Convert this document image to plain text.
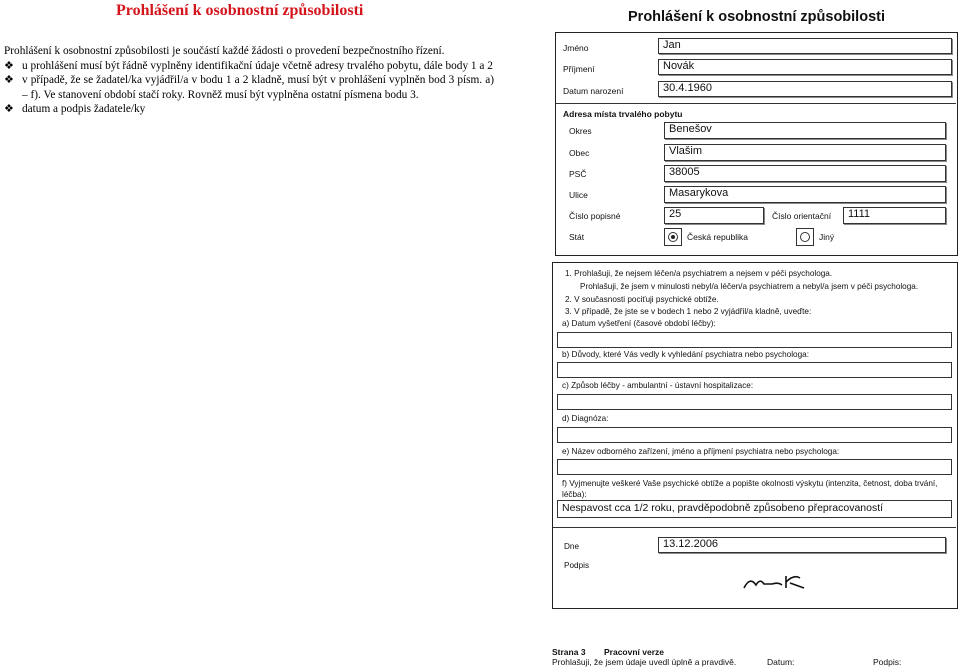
Prohlášení k osobnostní způsobilosti
Prohlášení k osobnostní způsobilosti je součástí každé žádosti o provedení bezpečnostního řízení.
❖ u prohlášení musí být řádně vyplněny identifikační údaje včetně adresy trvalého pobytu, dále body 1 a 2
❖ v případě, že se žadatel/ka vyjádřil/a v bodu 1 a 2 kladně, musí být v prohlášení vyplněn bod 3 písm. a) – f). Ve stanovení období stačí roky. Rovněž musí být vyplněna ostatní písmena bodu 3.
❖ datum a podpis žadatele/ky
Prohlášení k osobnostní způsobilosti
Jméno	Jan
Příjmení	Novák
Datum narození	30.4.1960
Adresa místa trvalého pobytu
Okres	Benešov
Obec	Vlašim
PSČ	38005
Ulice	Masarykova
Číslo popisné	25	Číslo orientační	1111
Stát	Česká republika	Jiný
1. Prohlašuji, že nejsem léčen/a psychiatrem a nejsem v péči psychologa.
Prohlašuji, že jsem v minulosti nebyl/a léčen/a psychiatrem a nebyl/a jsem v péči psychologa.
2. V současnosti pociťuji psychické obtíže.
3. V případě, že jste se v bodech 1 nebo 2 vyjádřil/a kladně, uveďte:
a) Datum vyšetření (časové období léčby):
b) Důvody, které Vás vedly k vyhledání psychiatra nebo psychologa:
c) Způsob léčby - ambulantní - ústavní hospitalizace:
d) Diagnóza:
e) Název odborného zařízení, jméno a příjmení psychiatra nebo psychologa:
f) Vyjmenujte veškeré Vaše psychické obtíže a popište okolnosti výskytu (intenzita, četnost, doba trvání, léčba):
Nespavost cca 1/2 roku, pravděpodobně způsobeno přepracovaností
Dne	13.12.2006
Podpis
Strana 3 Pracovní verze
Prohlašuji, že jsem údaje uvedl úplně a pravdivě.	Datum:	Podpis:
